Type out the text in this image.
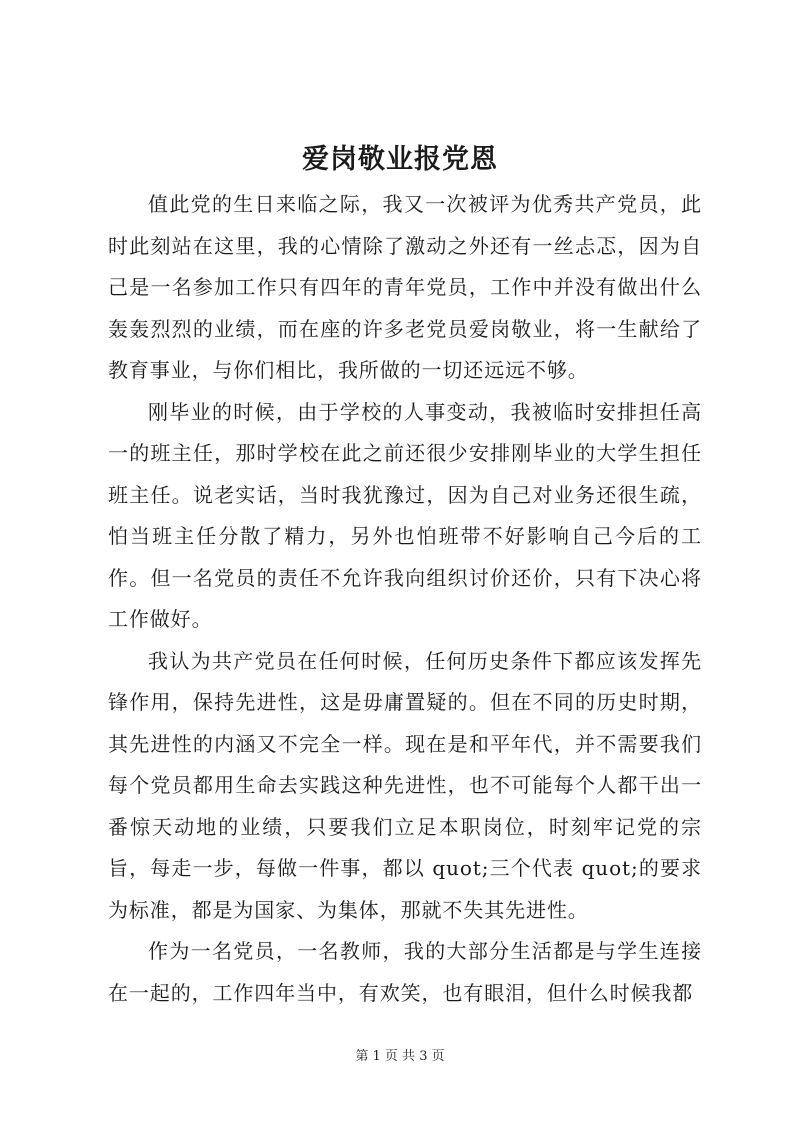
爱岗敬业报党恩

值此党的生日来临之际，我又一次被评为优秀共产党员，此时此刻站在这里，我的心情除了激动之外还有一丝忐忑，因为自己是一名参加工作只有四年的青年党员，工作中并没有做出什么轰轰烈烈的业绩，而在座的许多老党员爱岗敬业，将一生献给了教育事业，与你们相比，我所做的一切还远远不够。

刚毕业的时候，由于学校的人事变动，我被临时安排担任高一的班主任，那时学校在此之前还很少安排刚毕业的大学生担任班主任。说老实话，当时我犹豫过，因为自己对业务还很生疏，怕当班主任分散了精力，另外也怕班带不好影响自己今后的工作。但一名党员的责任不允许我向组织讨价还价，只有下决心将工作做好。

我认为共产党员在任何时候，任何历史条件下都应该发挥先锋作用，保持先进性，这是毋庸置疑的。但在不同的历史时期，其先进性的内涵又不完全一样。现在是和平年代，并不需要我们每个党员都用生命去实践这种先进性，也不可能每个人都干出一番惊天动地的业绩，只要我们立足本职岗位，时刻牢记党的宗旨，每走一步，每做一件事，都以 quot;三个代表 quot;的要求为标准，都是为国家、为集体，那就不失其先进性。

作为一名党员，一名教师，我的大部分生活都是与学生连接在一起的，工作四年当中，有欢笑，也有眼泪，但什么时候我都

第 1 页 共 3 页
